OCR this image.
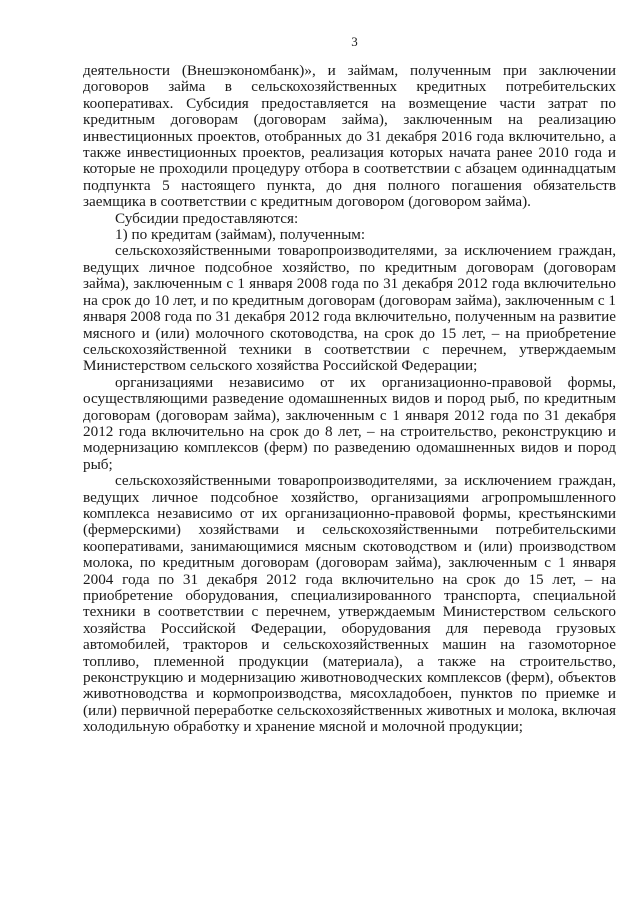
3

деятельности (Внешэкономбанк)», и займам, полученным при заключении договоров займа в сельскохозяйственных кредитных потребительских кооперативах. Субсидия предоставляется на возмещение части затрат по кредитным договорам (договорам займа), заключенным на реализацию инвестиционных проектов, отобранных до 31 декабря 2016 года включительно, а также инвестиционных проектов, реализация которых начата ранее 2010 года и которые не проходили процедуру отбора в соответствии с абзацем одиннадцатым подпункта 5 настоящего пункта, до дня полного погашения обязательств заемщика в соответствии с кредитным договором (договором займа).

Субсидии предоставляются:

1) по кредитам (займам), полученным:

сельскохозяйственными товаропроизводителями, за исключением граждан, ведущих личное подсобное хозяйство, по кредитным договорам (договорам займа), заключенным с 1 января 2008 года по 31 декабря 2012 года включительно на срок до 10 лет, и по кредитным договорам (договорам займа), заключенным с 1 января 2008 года по 31 декабря 2012 года включительно, полученным на развитие мясного и (или) молочного скотоводства, на срок до 15 лет, – на приобретение сельскохозяйственной техники в соответствии с перечнем, утверждаемым Министерством сельского хозяйства Российской Федерации;

организациями независимо от их организационно-правовой формы, осуществляющими разведение одомашненных видов и пород рыб, по кредитным договорам (договорам займа), заключенным с 1 января 2012 года по 31 декабря 2012 года включительно на срок до 8 лет, – на строительство, реконструкцию и модернизацию комплексов (ферм) по разведению одомашненных видов и пород рыб;

сельскохозяйственными товаропроизводителями, за исключением граждан, ведущих личное подсобное хозяйство, организациями агропромышленного комплекса независимо от их организационно-правовой формы, крестьянскими (фермерскими) хозяйствами и сельскохозяйственными потребительскими кооперативами, занимающимися мясным скотоводством и (или) производством молока, по кредитным договорам (договорам займа), заключенным с 1 января 2004 года по 31 декабря 2012 года включительно на срок до 15 лет, – на приобретение оборудования, специализированного транспорта, специальной техники в соответствии с перечнем, утверждаемым Министерством сельского хозяйства Российской Федерации, оборудования для перевода грузовых автомобилей, тракторов и сельскохозяйственных машин на газомоторное топливо, племенной продукции (материала), а также на строительство, реконструкцию и модернизацию животноводческих комплексов (ферм), объектов животноводства и кормопроизводства, мясохладобоен, пунктов по приемке и (или) первичной переработке сельскохозяйственных животных и молока, включая холодильную обработку и хранение мясной и молочной продукции;
